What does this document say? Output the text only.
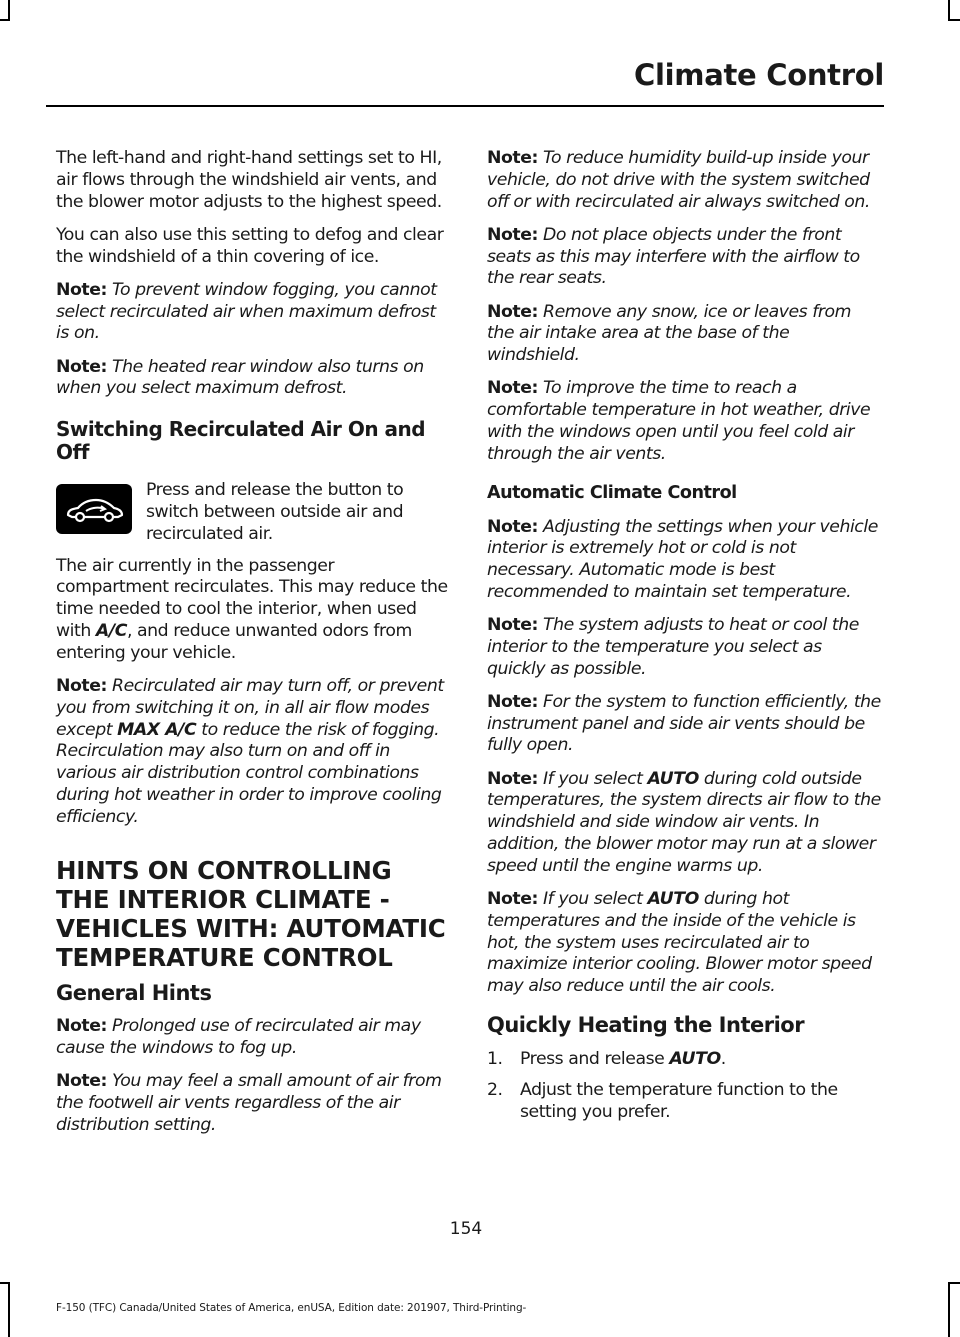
Climate Control

The left-hand and right-hand settings set to HI, air flows through the windshield air vents, and the blower motor adjusts to the highest speed.

You can also use this setting to defog and clear the windshield of a thin covering of ice.

Note: To prevent window fogging, you cannot select recirculated air when maximum defrost is on.

Note: The heated rear window also turns on when you select maximum defrost.

Switching Recirculated Air On and Off
Press and release the button to switch between outside air and recirculated air.

The air currently in the passenger compartment recirculates. This may reduce the time needed to cool the interior, when used with A/C, and reduce unwanted odors from entering your vehicle.

Note: Recirculated air may turn off, or prevent you from switching it on, in all air flow modes except MAX A/C to reduce the risk of fogging. Recirculation may also turn on and off in various air distribution control combinations during hot weather in order to improve cooling efficiency.

HINTS ON CONTROLLING THE INTERIOR CLIMATE - VEHICLES WITH: AUTOMATIC TEMPERATURE CONTROL
General Hints

Note: Prolonged use of recirculated air may cause the windows to fog up.

Note: You may feel a small amount of air from the footwell air vents regardless of the air distribution setting.

Note: To reduce humidity build-up inside your vehicle, do not drive with the system switched off or with recirculated air always switched on.

Note: Do not place objects under the front seats as this may interfere with the airflow to the rear seats.

Note: Remove any snow, ice or leaves from the air intake area at the base of the windshield.

Note: To improve the time to reach a comfortable temperature in hot weather, drive with the windows open until you feel cold air through the air vents.

Automatic Climate Control

Note: Adjusting the settings when your vehicle interior is extremely hot or cold is not necessary. Automatic mode is best recommended to maintain set temperature.

Note: The system adjusts to heat or cool the interior to the temperature you select as quickly as possible.

Note: For the system to function efficiently, the instrument panel and side air vents should be fully open.

Note: If you select AUTO during cold outside temperatures, the system directs air flow to the windshield and side window air vents. In addition, the blower motor may run at a slower speed until the engine warms up.

Note: If you select AUTO during hot temperatures and the inside of the vehicle is hot, the system uses recirculated air to maximize interior cooling. Blower motor speed may also reduce until the air cools.

Quickly Heating the Interior
1.	Press and release AUTO.
2.	Adjust the temperature function to the setting you prefer.
154
F-150 (TFC) Canada/United States of America, enUSA, Edition date: 201907, Third-Printing-
